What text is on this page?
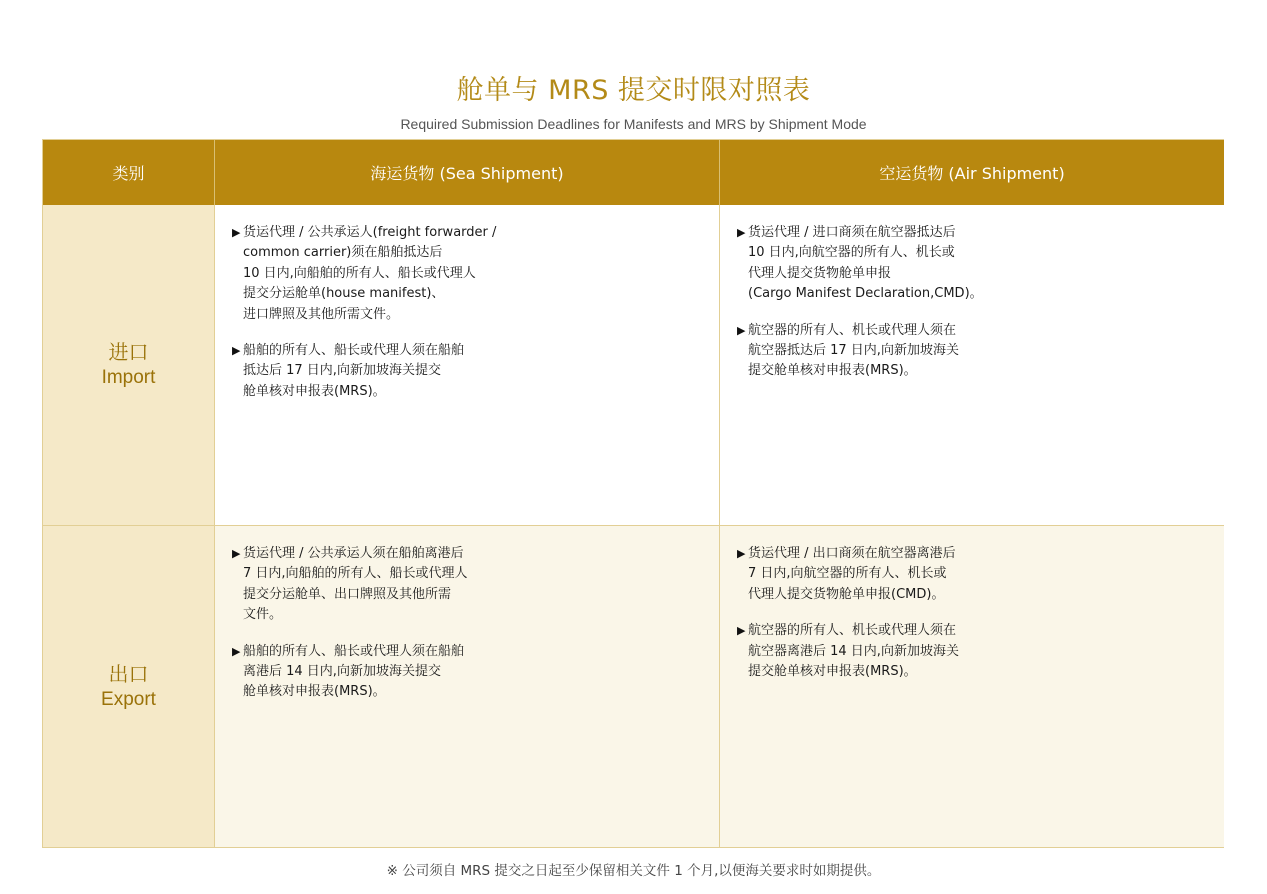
舱单与 MRS 提交时限对照表
Required Submission Deadlines for Manifests and MRS by Shipment Mode
类别	海运货物 (Sea Shipment)	空运货物 (Air Shipment)
进口
Import
▶ 货运代理 / 公共承运人(freight forwarder /
common carrier)须在船舶抵达后
10 日内,向船舶的所有人、船长或代理人
提交分运舱单(house manifest)、
进口牌照及其他所需文件。
▶ 船舶的所有人、船长或代理人须在船舶
抵达后 17 日内,向新加坡海关提交
舱单核对申报表(MRS)。
▶ 货运代理 / 进口商须在航空器抵达后
10 日内,向航空器的所有人、机长或
代理人提交货物舱单申报
(Cargo Manifest Declaration,CMD)。
▶ 航空器的所有人、机长或代理人须在
航空器抵达后 17 日内,向新加坡海关
提交舱单核对申报表(MRS)。
出口
Export
▶ 货运代理 / 公共承运人须在船舶离港后
7 日内,向船舶的所有人、船长或代理人
提交分运舱单、出口牌照及其他所需
文件。
▶ 船舶的所有人、船长或代理人须在船舶
离港后 14 日内,向新加坡海关提交
舱单核对申报表(MRS)。
▶ 货运代理 / 出口商须在航空器离港后
7 日内,向航空器的所有人、机长或
代理人提交货物舱单申报(CMD)。
▶ 航空器的所有人、机长或代理人须在
航空器离港后 14 日内,向新加坡海关
提交舱单核对申报表(MRS)。
※ 公司须自 MRS 提交之日起至少保留相关文件 1 个月,以便海关要求时如期提供。
